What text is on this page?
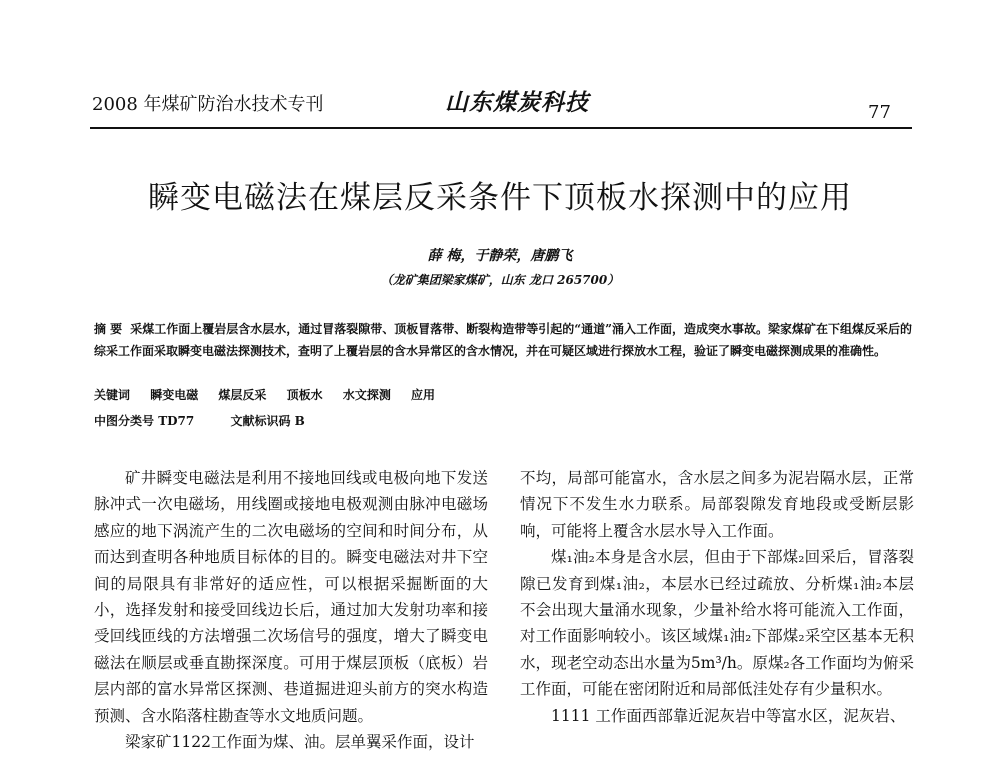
2008 年煤矿防治水技术专刊	山东煤炭科技	77
瞬变电磁法在煤层反采条件下顶板水探测中的应用
薛 梅，于静荣，唐鹏飞
（龙矿集团梁家煤矿，山东 龙口 265700）
摘 要 采煤工作面上覆岩层含水层水，通过冒落裂隙带、顶板冒落带、断裂构造带等引起的“通道”涌入工作面，造成突水事故。梁家煤矿在下组煤反采后的综采工作面采取瞬变电磁法探测技术，查明了上覆岩层的含水异常区的含水情况，并在可疑区域进行探放水工程，验证了瞬变电磁探测成果的准确性。
关键词 瞬变电磁 煤层反采 顶板水 水文探测 应用
中图分类号 TD77	文献标识码 B

矿井瞬变电磁法是利用不接地回线或电极向地下发送脉冲式一次电磁场，用线圈或接地电极观测由脉冲电磁场感应的地下涡流产生的二次电磁场的空间和时间分布，从而达到查明各种地质目标体的目的。瞬变电磁法对井下空间的局限具有非常好的适应性，可以根据采掘断面的大小，选择发射和接受回线边长后，通过加大发射功率和接受回线匝线的方法增强二次场信号的强度，增大了瞬变电磁法在顺层或垂直勘探深度。可用于煤层顶板（底板）岩层内部的富水异常区探测、巷道掘进迎头前方的突水构造预测、含水陷落柱勘查等水文地质问题。

梁家矿1122工作面为煤、油。层单翼采作面，设计

不均，局部可能富水，含水层之间多为泥岩隔水层，正常情况下不发生水力联系。局部裂隙发育地段或受断层影响，可能将上覆含水层水导入工作面。

煤₁油₂本身是含水层，但由于下部煤₂回采后，冒落裂隙已发育到煤₁油₂，本层水已经过疏放、分析煤₁油₂本层不会出现大量涌水现象，少量补给水将可能流入工作面，对工作面影响较小。该区域煤₁油₂下部煤₂采空区基本无积水，现老空动态出水量为5m³/h。原煤₂各工作面均为俯采工作面，可能在密闭附近和局部低洼处存有少量积水。

1111 工作面西部靠近泥灰岩中等富水区，泥灰岩、
